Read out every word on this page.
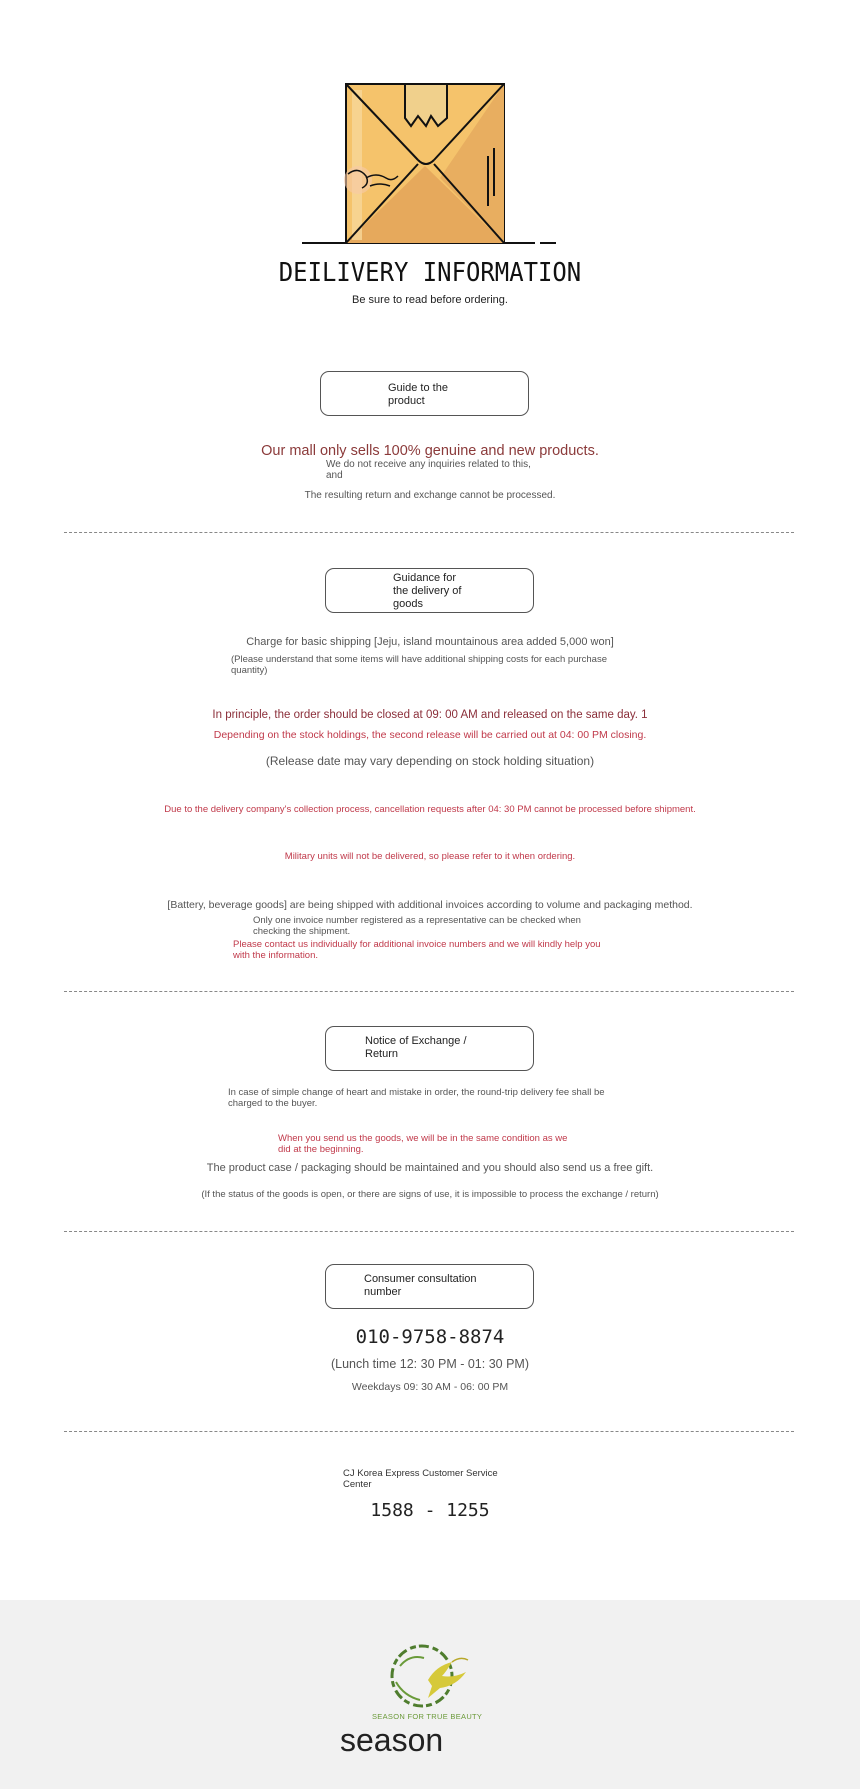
DEILIVERY INFORMATION
Be sure to read before ordering.
Guide to the
product
Our mall only sells 100% genuine and new products.
We do not receive any inquiries related to this,
and
The resulting return and exchange cannot be processed.
Guidance for
the delivery of
goods
Charge for basic shipping [Jeju, island mountainous area added 5,000 won]
(Please understand that some items will have additional shipping costs for each purchase
quantity)
In principle, the order should be closed at 09: 00 AM and released on the same day. 1
Depending on the stock holdings, the second release will be carried out at 04: 00 PM closing.
(Release date may vary depending on stock holding situation)
Due to the delivery company's collection process, cancellation requests after 04: 30 PM cannot be processed before shipment.
Military units will not be delivered, so please refer to it when ordering.
[Battery, beverage goods] are being shipped with additional invoices according to volume and packaging method.
Only one invoice number registered as a representative can be checked when
checking the shipment.
Please contact us individually for additional invoice numbers and we will kindly help you
with the information.
Notice of Exchange /
Return
In case of simple change of heart and mistake in order, the round-trip delivery fee shall be
charged to the buyer.
When you send us the goods, we will be in the same condition as we
did at the beginning.
The product case / packaging should be maintained and you should also send us a free gift.
(If the status of the goods is open, or there are signs of use, it is impossible to process the exchange / return)
Consumer consultation
number
010-9758-8874
(Lunch time 12: 30 PM - 01: 30 PM)
Weekdays 09: 30 AM - 06: 00 PM
CJ Korea Express Customer Service
Center
1588 - 1255
SEASON FOR TRUE BEAUTY
season
